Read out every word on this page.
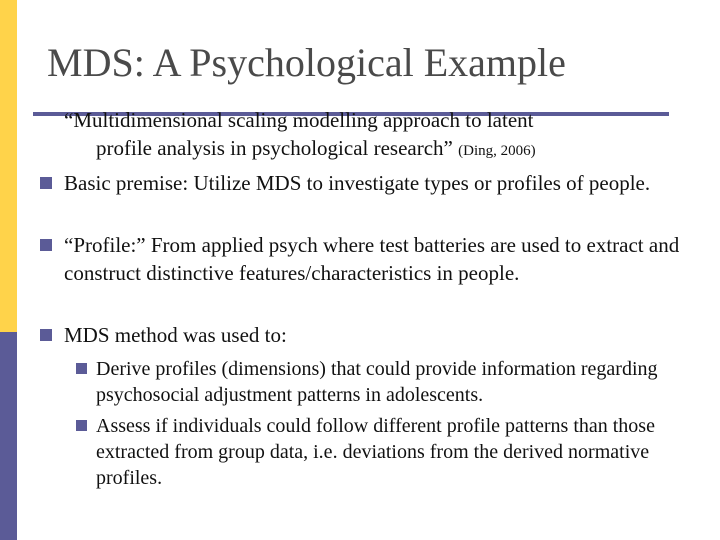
MDS: A Psychological Example
“Multidimensional scaling modelling approach to latent
profile analysis in psychological research” (Ding, 2006)
Basic premise: Utilize MDS to investigate types or profiles of people.
“Profile:” From applied psych where test batteries are used to extract and construct distinctive features/characteristics in people.
MDS method was used to:
Derive profiles (dimensions) that could provide information regarding psychosocial adjustment patterns in adolescents.
Assess if individuals could follow different profile patterns than those extracted from group data, i.e. deviations from the derived normative profiles.
